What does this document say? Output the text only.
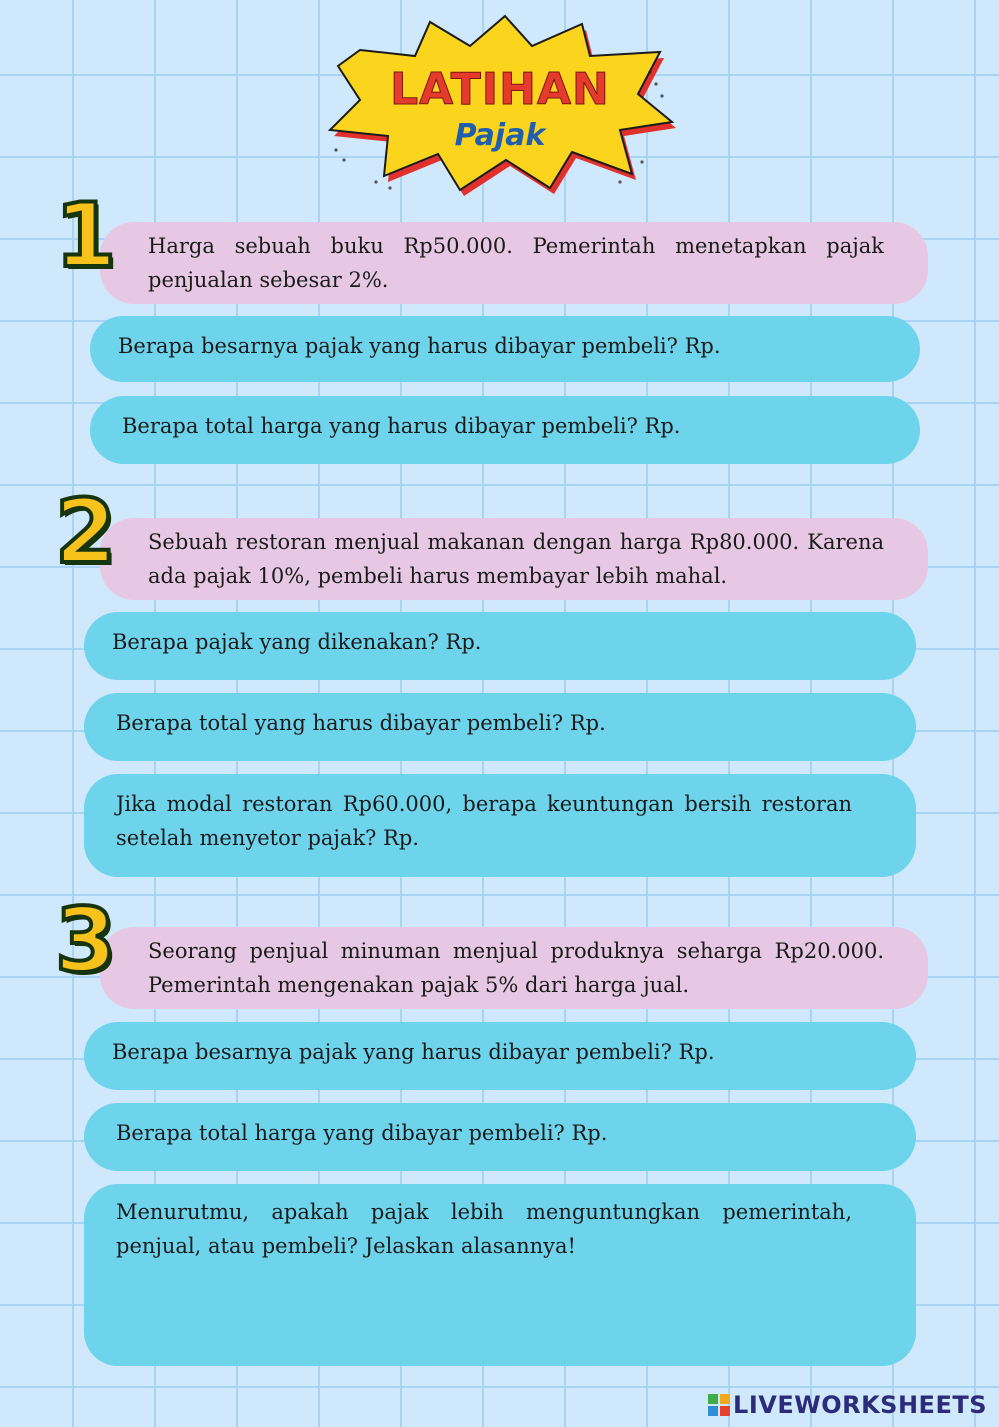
LATIHAN
Pajak
Harga sebuah buku Rp50.000. Pemerintah menetapkan pajak penjualan sebesar 2%.
1
Berapa besarnya pajak yang harus dibayar pembeli? Rp.
Berapa total harga yang harus dibayar pembeli? Rp.
Sebuah restoran menjual makanan dengan harga Rp80.000. Karena ada pajak 10%, pembeli harus membayar lebih mahal.
2
Berapa pajak yang dikenakan? Rp.
Berapa total yang harus dibayar pembeli? Rp.
Jika modal restoran Rp60.000, berapa keuntungan bersih restoran setelah menyetor pajak? Rp.
Seorang penjual minuman menjual produknya seharga Rp20.000. Pemerintah mengenakan pajak 5% dari harga jual.
3
Berapa besarnya pajak yang harus dibayar pembeli? Rp.
Berapa total harga yang dibayar pembeli? Rp.
Menurutmu, apakah pajak lebih menguntungkan pemerintah, penjual, atau pembeli? Jelaskan alasannya!
LIVEWORKSHEETS
